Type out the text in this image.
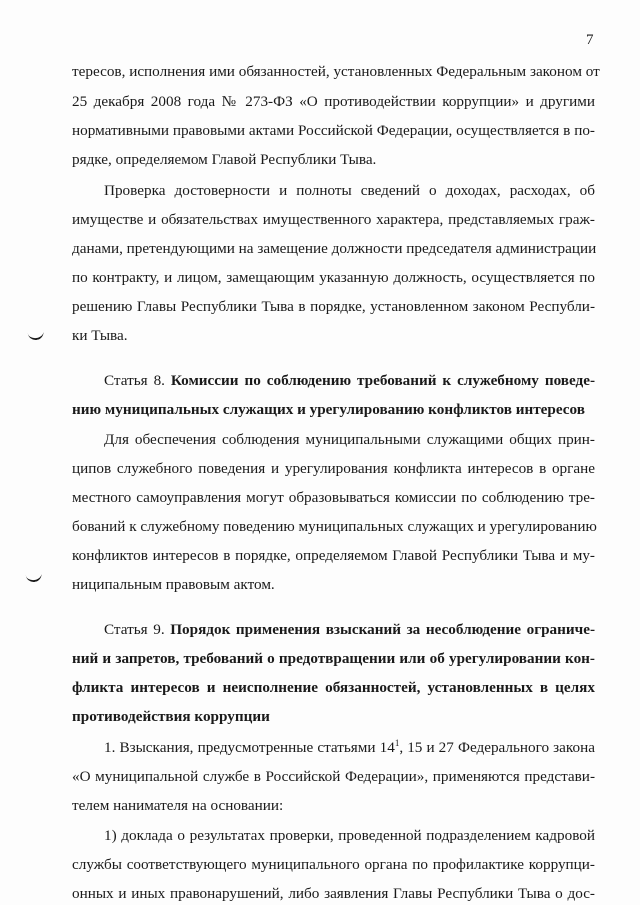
7
тересов, исполнения ими обязанностей, установленных Федеральным законом от
25 декабря 2008 года № 273-ФЗ «О противодействии коррупции» и другими
нормативными правовыми актами Российской Федерации, осуществляется в по-
рядке, определяемом Главой Республики Тыва.
Проверка достоверности и полноты сведений о доходах, расходах, об
имуществе и обязательствах имущественного характера, представляемых граж-
данами, претендующими на замещение должности председателя администрации
по контракту, и лицом, замещающим указанную должность, осуществляется по
решению Главы Республики Тыва в порядке, установленном законом Республи-
ки Тыва.
Статья 8. Комиссии по соблюдению требований к служебному поведе-
нию муниципальных служащих и урегулированию конфликтов интересов
Для обеспечения соблюдения муниципальными служащими общих прин-
ципов служебного поведения и урегулирования конфликта интересов в органе
местного самоуправления могут образовываться комиссии по соблюдению тре-
бований к служебному поведению муниципальных служащих и урегулированию
конфликтов интересов в порядке, определяемом Главой Республики Тыва и му-
ниципальным правовым актом.
Статья 9. Порядок применения взысканий за несоблюдение ограниче-
ний и запретов, требований о предотвращении или об урегулировании кон-
фликта интересов и неисполнение обязанностей, установленных в целях
противодействия коррупции
1. Взыскания, предусмотренные статьями $14^1$, 15 и 27 Федерального закона
«О муниципальной службе в Российской Федерации», применяются представи-
телем нанимателя на основании:
1) доклада о результатах проверки, проведенной подразделением кадровой
службы соответствующего муниципального органа по профилактике коррупци-
онных и иных правонарушений, либо заявления Главы Республики Тыва о дос-
